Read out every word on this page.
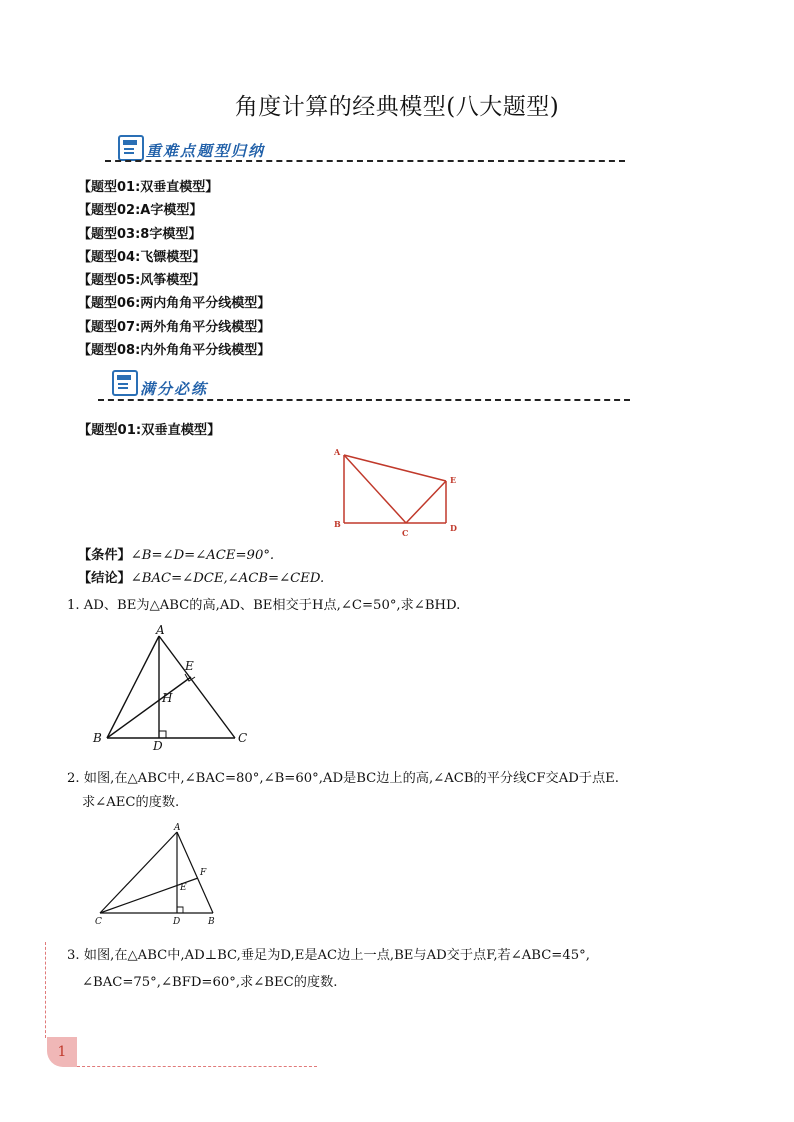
角度计算的经典模型(八大题型)
重难点题型归纳
【题型01:双垂直模型】
【题型02:A字模型】
【题型03:8字模型】
【题型04:飞镖模型】
【题型05:风筝模型】
【题型06:两内角角平分线模型】
【题型07:两外角角平分线模型】
【题型08:内外角角平分线模型】
满分必练
【题型01:双垂直模型】
A
B
C	D
E
【条件】∠B=∠D=∠ACE=90°.
【结论】∠BAC=∠DCE,∠ACB=∠CED.
1. AD、BE为△ABC的高,AD、BE相交于H点,∠C=50°,求∠BHD.
A
B	C
D
E
H
2. 如图,在△ABC中,∠BAC=80°,∠B=60°,AD是BC边上的高,∠ACB的平分线CF交AD于点E.
求∠AEC的度数.
A
C	D	B
F
E
3. 如图,在△ABC中,AD⊥BC,垂足为D,E是AC边上一点,BE与AD交于点F,若∠ABC=45°,
∠BAC=75°,∠BFD=60°,求∠BEC的度数.
1
